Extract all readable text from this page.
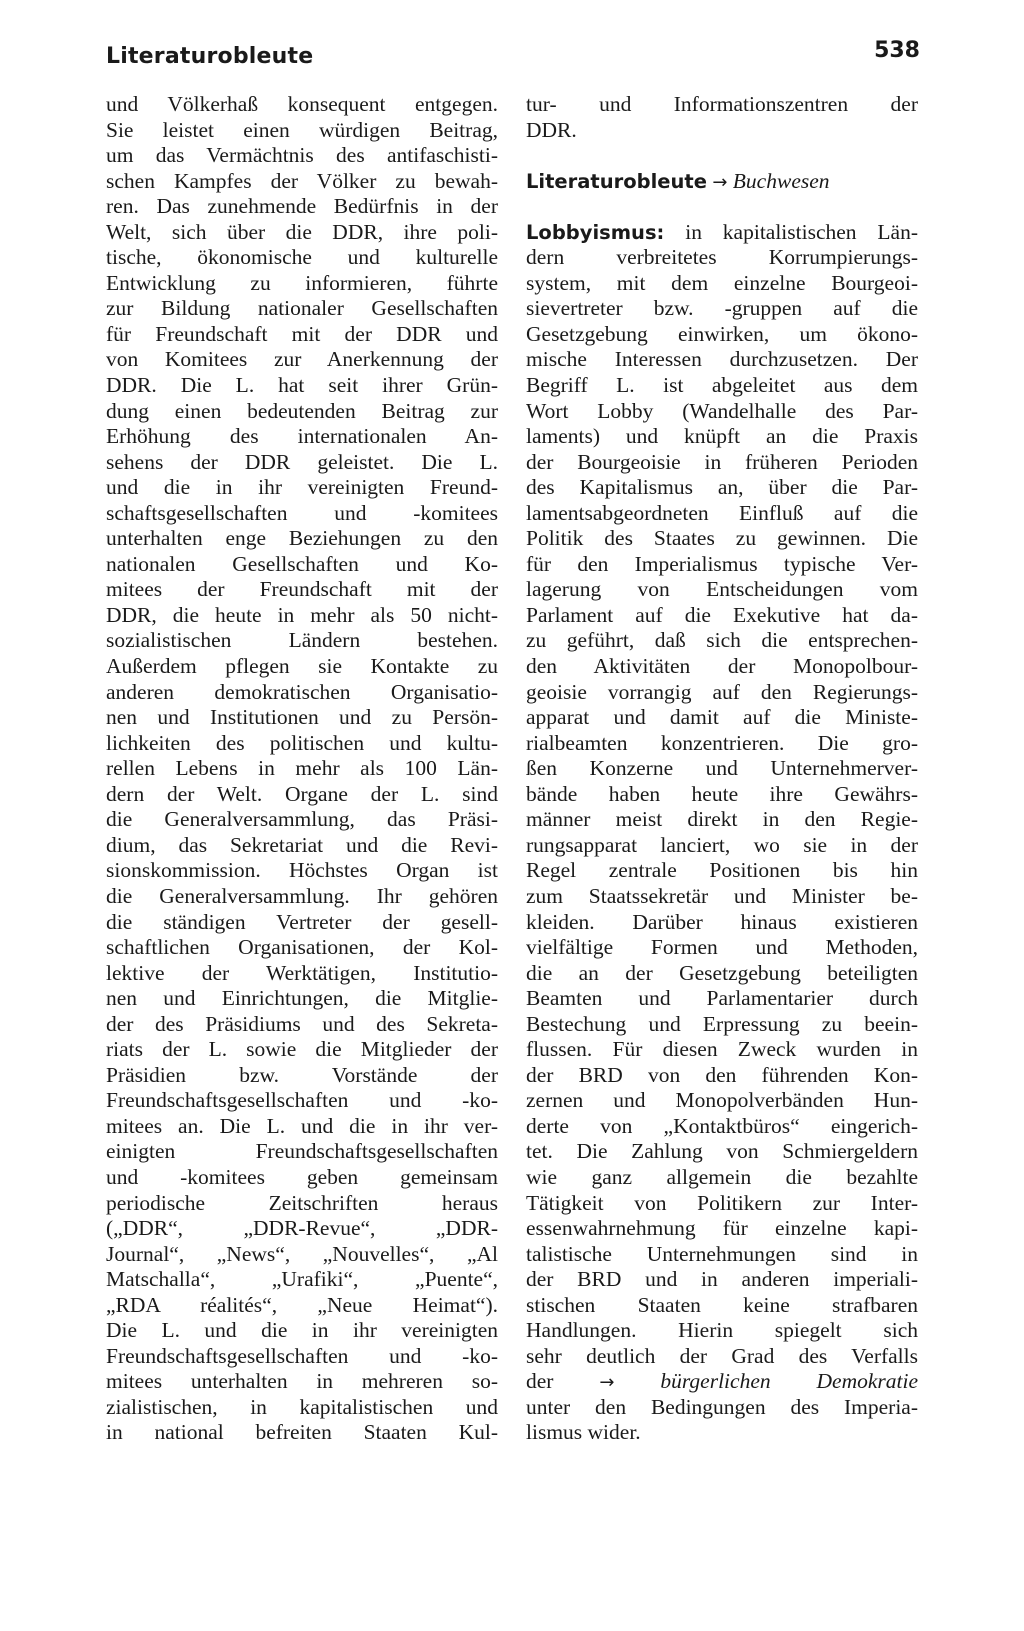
Literaturobleute	538
und Völkerhaß konsequent entgegen.
Sie leistet einen würdigen Beitrag,
um das Vermächtnis des antifaschisti-
schen Kampfes der Völker zu bewah-
ren. Das zunehmende Bedürfnis in der
Welt, sich über die DDR, ihre poli-
tische, ökonomische und kulturelle
Entwicklung zu informieren, führte
zur Bildung nationaler Gesellschaften
für Freundschaft mit der DDR und
von Komitees zur Anerkennung der
DDR. Die L. hat seit ihrer Grün-
dung einen bedeutenden Beitrag zur
Erhöhung des internationalen An-
sehens der DDR geleistet. Die L.
und die in ihr vereinigten Freund-
schaftsgesellschaften und -komitees
unterhalten enge Beziehungen zu den
nationalen Gesellschaften und Ko-
mitees der Freundschaft mit der
DDR, die heute in mehr als 50 nicht-
sozialistischen Ländern bestehen.
Außerdem pflegen sie Kontakte zu
anderen demokratischen Organisatio-
nen und Institutionen und zu Persön-
lichkeiten des politischen und kultu-
rellen Lebens in mehr als 100 Län-
dern der Welt. Organe der L. sind
die Generalversammlung, das Präsi-
dium, das Sekretariat und die Revi-
sionskommission. Höchstes Organ ist
die Generalversammlung. Ihr gehören
die ständigen Vertreter der gesell-
schaftlichen Organisationen, der Kol-
lektive der Werktätigen, Institutio-
nen und Einrichtungen, die Mitglie-
der des Präsidiums und des Sekreta-
riats der L. sowie die Mitglieder der
Präsidien bzw. Vorstände der
Freundschaftsgesellschaften und -ko-
mitees an. Die L. und die in ihr ver-
einigten Freundschaftsgesellschaften
und -komitees geben gemeinsam
periodische Zeitschriften heraus
(„DDR“, „DDR-Revue“, „DDR-
Journal“, „News“, „Nouvelles“, „Al
Matschalla“, „Urafiki“, „Puente“,
„RDA réalités“, „Neue Heimat“).
Die L. und die in ihr vereinigten
Freundschaftsgesellschaften und -ko-
mitees unterhalten in mehreren so-
zialistischen, in kapitalistischen und
in national befreiten Staaten Kul-
tur- und Informationszentren der
DDR.
Literaturobleute → Buchwesen
Lobbyismus: in kapitalistischen Län-
dern verbreitetes Korrumpierungs-
system, mit dem einzelne Bourgeoi-
sievertreter bzw. -gruppen auf die
Gesetzgebung einwirken, um ökono-
mische Interessen durchzusetzen. Der
Begriff L. ist abgeleitet aus dem
Wort Lobby (Wandelhalle des Par-
laments) und knüpft an die Praxis
der Bourgeoisie in früheren Perioden
des Kapitalismus an, über die Par-
lamentsabgeordneten Einfluß auf die
Politik des Staates zu gewinnen. Die
für den Imperialismus typische Ver-
lagerung von Entscheidungen vom
Parlament auf die Exekutive hat da-
zu geführt, daß sich die entsprechen-
den Aktivitäten der Monopolbour-
geoisie vorrangig auf den Regierungs-
apparat und damit auf die Ministe-
rialbeamten konzentrieren. Die gro-
ßen Konzerne und Unternehmerver-
bände haben heute ihre Gewährs-
männer meist direkt in den Regie-
rungsapparat lanciert, wo sie in der
Regel zentrale Positionen bis hin
zum Staatssekretär und Minister be-
kleiden. Darüber hinaus existieren
vielfältige Formen und Methoden,
die an der Gesetzgebung beteiligten
Beamten und Parlamentarier durch
Bestechung und Erpressung zu beein-
flussen. Für diesen Zweck wurden in
der BRD von den führenden Kon-
zernen und Monopolverbänden Hun-
derte von „Kontaktbüros“ eingerich-
tet. Die Zahlung von Schmiergeldern
wie ganz allgemein die bezahlte
Tätigkeit von Politikern zur Inter-
essenwahrnehmung für einzelne kapi-
talistische Unternehmungen sind in
der BRD und in anderen imperiali-
stischen Staaten keine strafbaren
Handlungen. Hierin spiegelt sich
sehr deutlich der Grad des Verfalls
der	→ bürgerlichen Demokratie
unter den Bedingungen des Imperia-
lismus wider.
